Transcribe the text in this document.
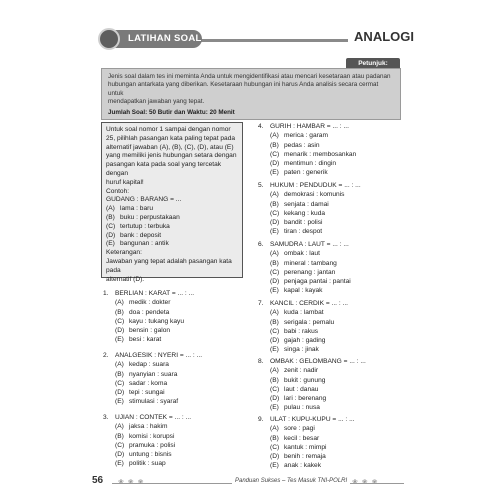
LATIHAN SOAL	ANALOGI
Petunjuk:
Jenis soal dalam tes ini meminta Anda untuk mengidentifikasi atau mencari kesetaraan atau padanan
hubungan antarkata yang diberikan. Kesetaraan hubungan ini harus Anda analisis secara cermat untuk
mendapatkan jawaban yang tepat.
Jumlah Soal: 50 Butir dan Waktu: 20 Menit
Untuk soal nomor 1 sampai dengan nomor
25, pilihlah pasangan kata paling tepat pada
alternatif jawaban (A), (B), (C), (D), atau (E)
yang memiliki jenis hubungan setara dengan
pasangan kata pada soal yang tercetak dengan
huruf kapital!
Contoh:
GUDANG : BARANG = ...
(A) lama : baru
(B) buku : perpustakaan
(C) tertutup : terbuka
(D) bank : deposit
(E) bangunan : antik
Keterangan:
Jawaban yang tepat adalah pasangan kata pada
alternatif (D).
1. BERLIAN : KARAT = ... : ...
(A) medik : dokter
(B) doa : pendeta
(C) kayu : tukang kayu
(D) bensin : galon
(E) besi : karat
2. ANALGESIK : NYERI = ... : ...
(A) kedap : suara
(B) nyanyian : suara
(C) sadar : koma
(D) tepi : sungai
(E) stimulasi : syaraf
3. UJIAN : CONTEK = ... : ...
(A) jaksa : hakim
(B) komisi : korupsi
(C) pramuka : polisi
(D) untung : bisnis
(E) politik : suap
4. GURIH : HAMBAR = ... : ...
(A) merica : garam
(B) pedas : asin
(C) menarik : membosankan
(D) mentimun : dingin
(E) paten : generik
5. HUKUM : PENDUDUK = ... : ...
(A) demokrasi : komunis
(B) senjata : damai
(C) kekang : kuda
(D) bandit : polisi
(E) tiran : despot
6. SAMUDRA : LAUT = ... : ...
(A) ombak : laut
(B) mineral : tambang
(C) perenang : jantan
(D) penjaga pantai : pantai
(E) kapal : kayak
7. KANCIL : CERDIK = ... : ...
(A) kuda : lambat
(B) serigala : pemalu
(C) babi : rakus
(D) gajah : gading
(E) singa : jinak
8. OMBAK : GELOMBANG = ... : ...
(A) zenit : nadir
(B) bukit : gunung
(C) laut : danau
(D) lari : berenang
(E) pulau : nusa
9. ULAT : KUPU-KUPU = ... : ...
(A) sore : pagi
(B) kecil : besar
(C) kantuk : mimpi
(D) benih : remaja
(E) anak : kakek
56 ❀ ❀ ❀	❀ ❀ ❀
Panduan Sukses – Tes Masuk TNI-POLRI
